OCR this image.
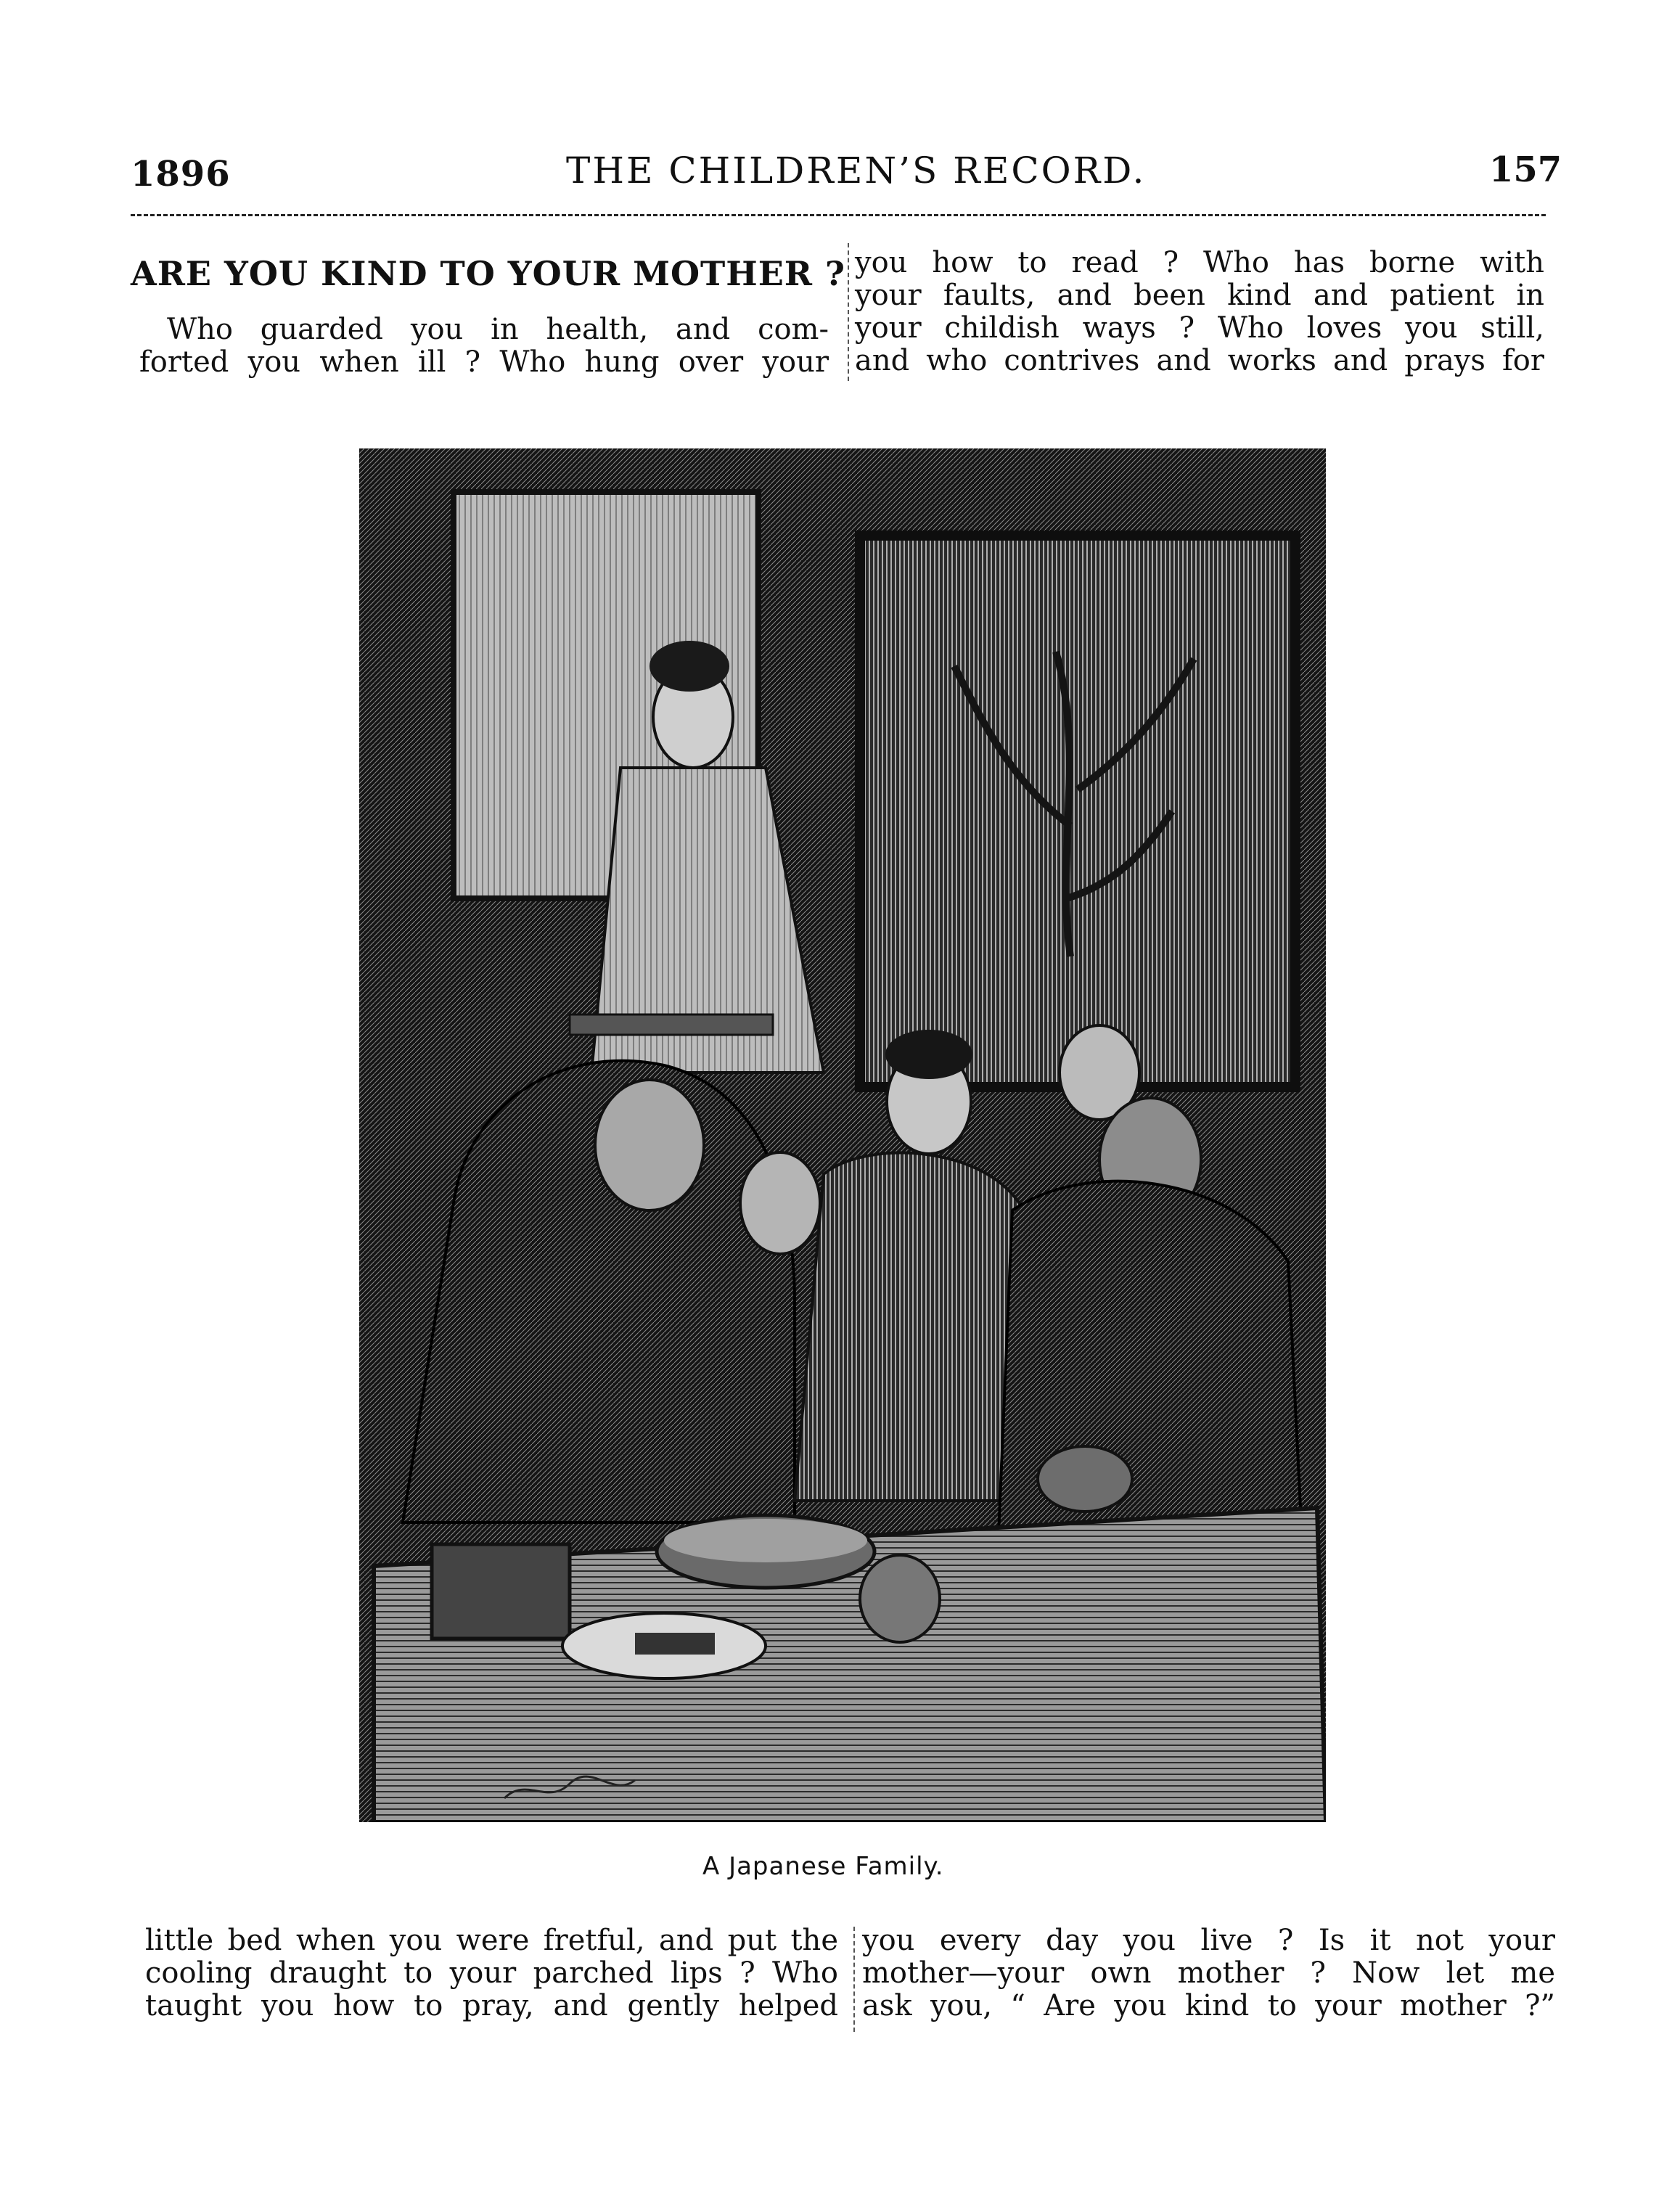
1896	THE CHILDREN’S RECORD.	157
ARE YOU KIND TO YOUR MOTHER ?
Who guarded you in health, and com-
forted you when ill ? Who hung over your
you how to read ? Who has borne with
your faults, and been kind and patient in
your childish ways ? Who loves you still,
and who contrives and works and prays for
A Japanese Family.
little bed when you were fretful, and put the
cooling draught to your parched lips ? Who
taught you how to pray, and gently helped
you every day you live ? Is it not your
mother—your own mother ? Now let me
ask you, “ Are you kind to your mother ?”
